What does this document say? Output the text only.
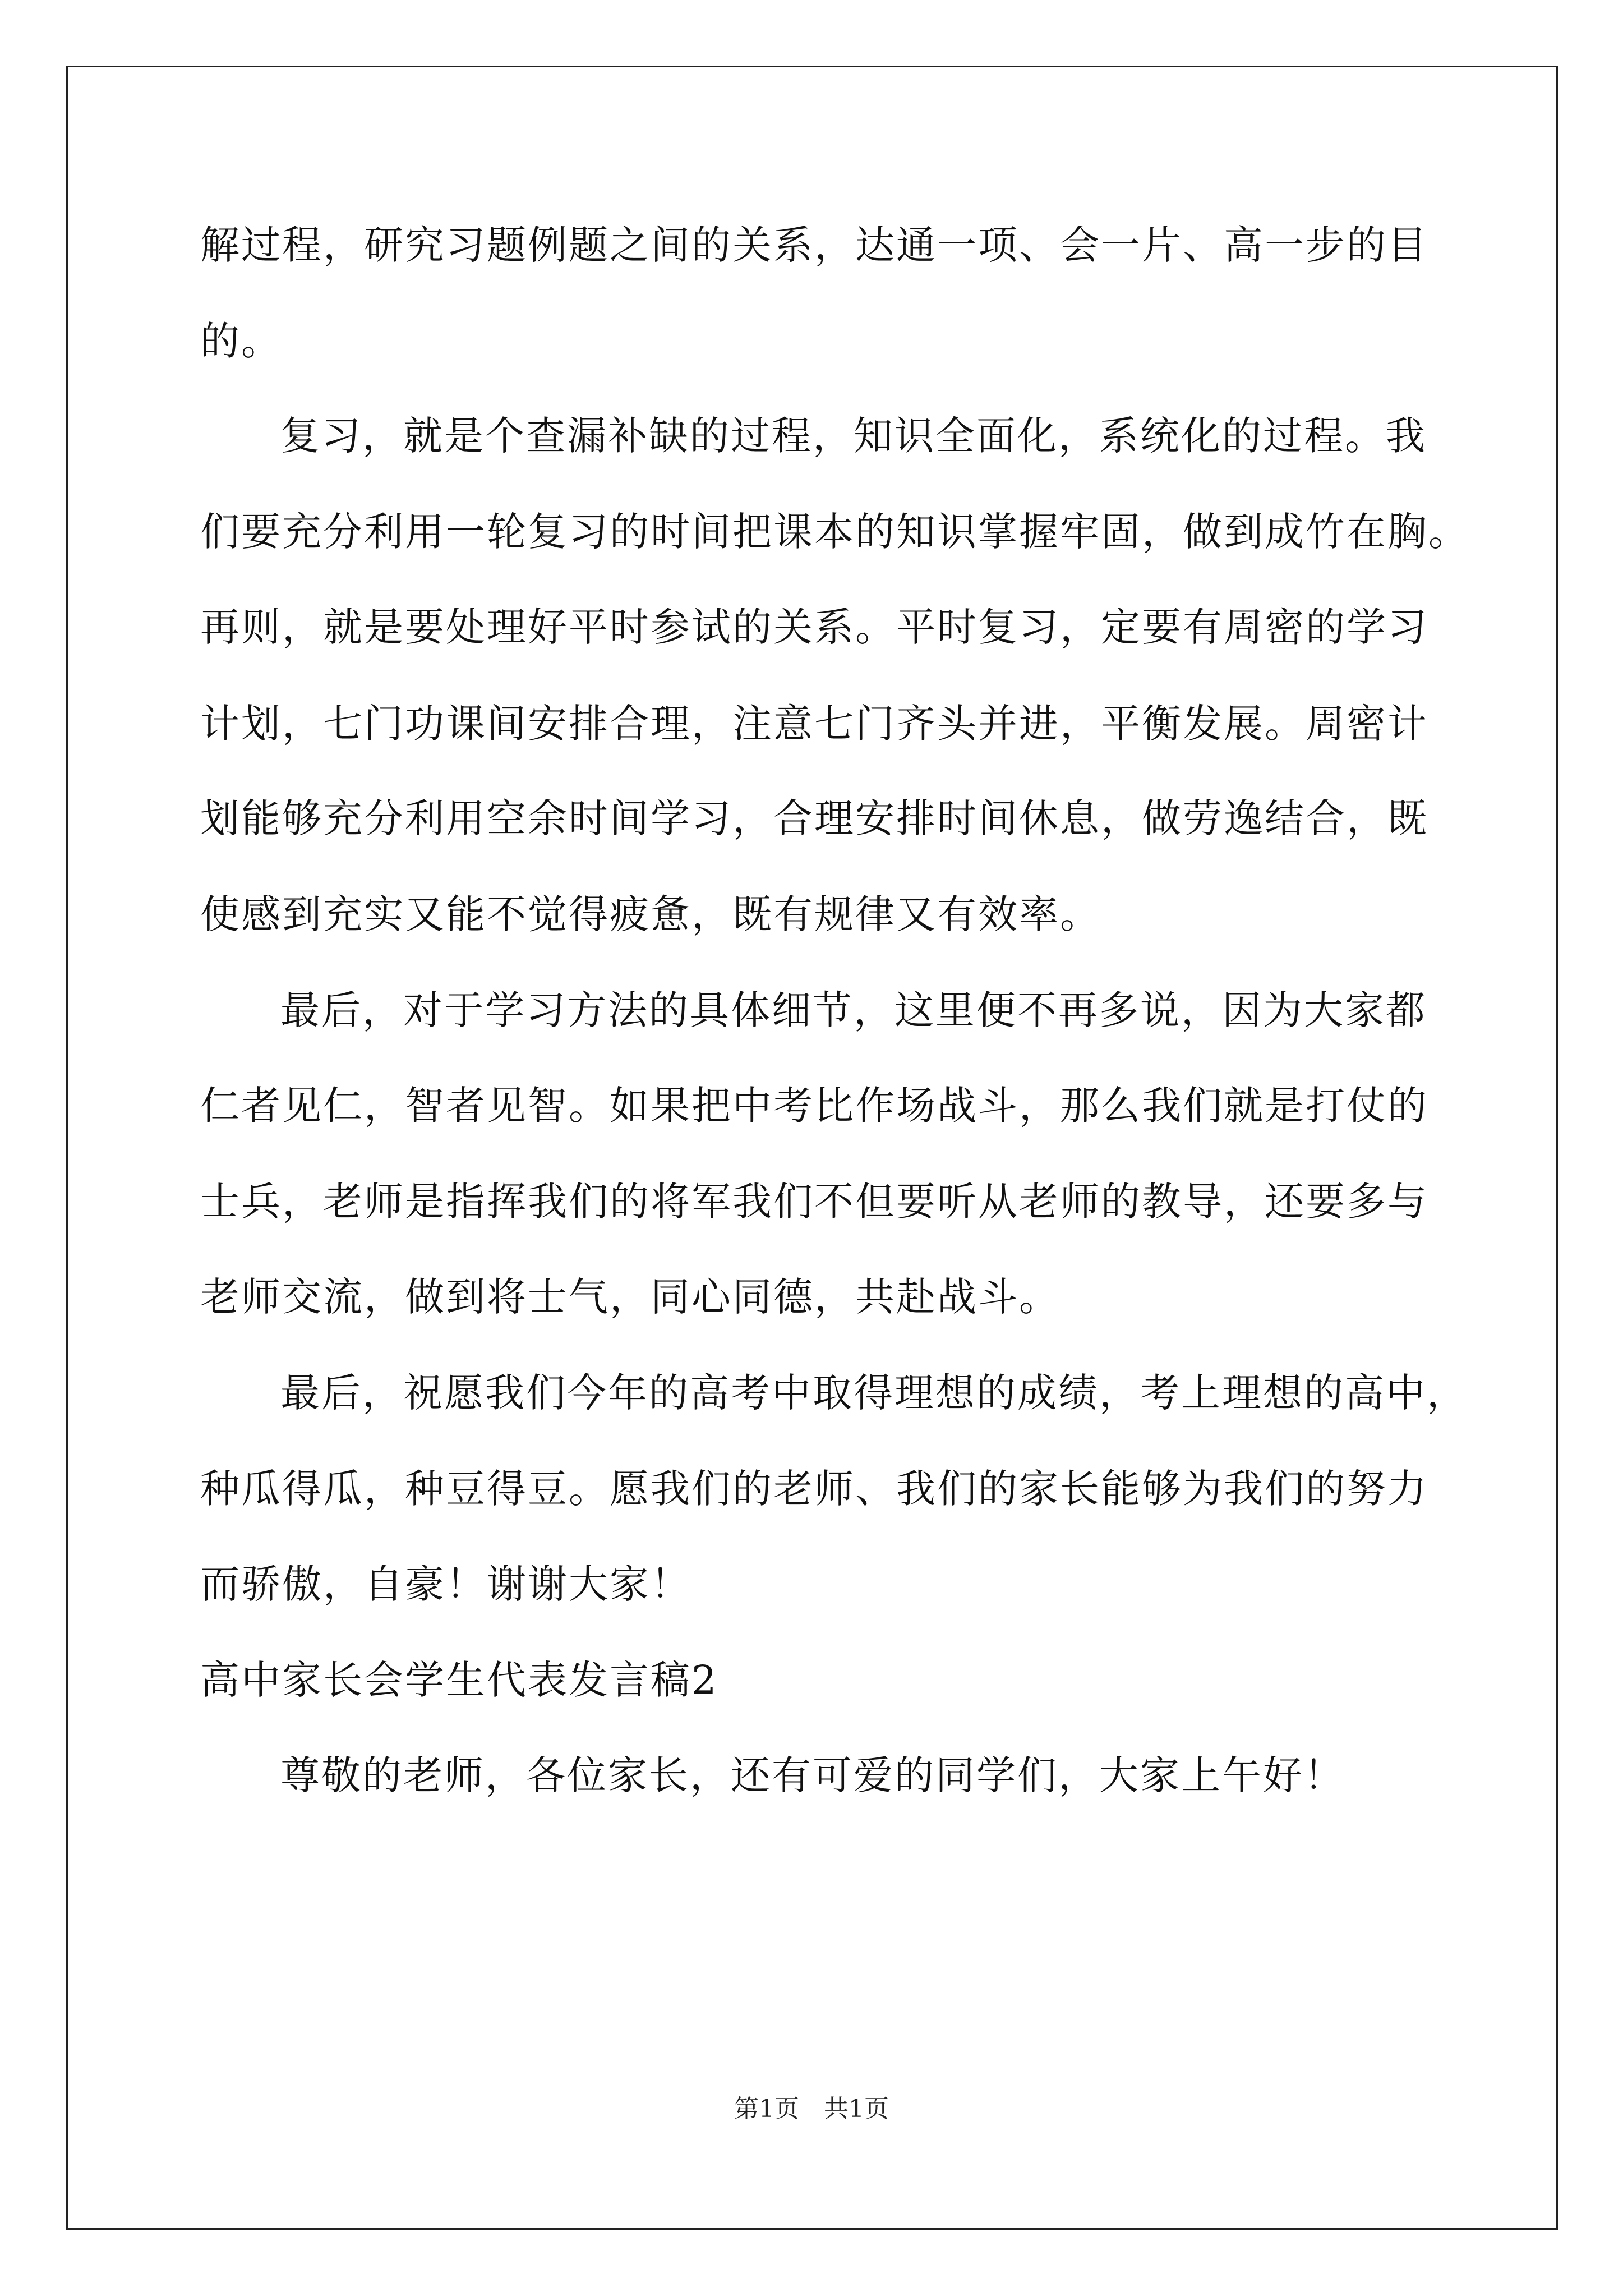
解过程，研究习题例题之间的关系，达通一项、会一片、高一步的目
的。
复习，就是个查漏补缺的过程，知识全面化，系统化的过程。我
们要充分利用一轮复习的时间把课本的知识掌握牢固，做到成竹在胸。
再则，就是要处理好平时参试的关系。平时复习，定要有周密的学习
计划，七门功课间安排合理，注意七门齐头并进，平衡发展。周密计
划能够充分利用空余时间学习，合理安排时间休息，做劳逸结合，既
使感到充实又能不觉得疲惫，既有规律又有效率。
最后，对于学习方法的具体细节，这里便不再多说，因为大家都
仁者见仁，智者见智。如果把中考比作场战斗，那么我们就是打仗的
士兵，老师是指挥我们的将军我们不但要听从老师的教导，还要多与
老师交流，做到将士气，同心同德，共赴战斗。
最后，祝愿我们今年的高考中取得理想的成绩，考上理想的高中，
种瓜得瓜，种豆得豆。愿我们的老师、我们的家长能够为我们的努力
而骄傲，自豪！谢谢大家！
高中家长会学生代表发言稿2
尊敬的老师，各位家长，还有可爱的同学们，大家上午好！
第1页　共1页
